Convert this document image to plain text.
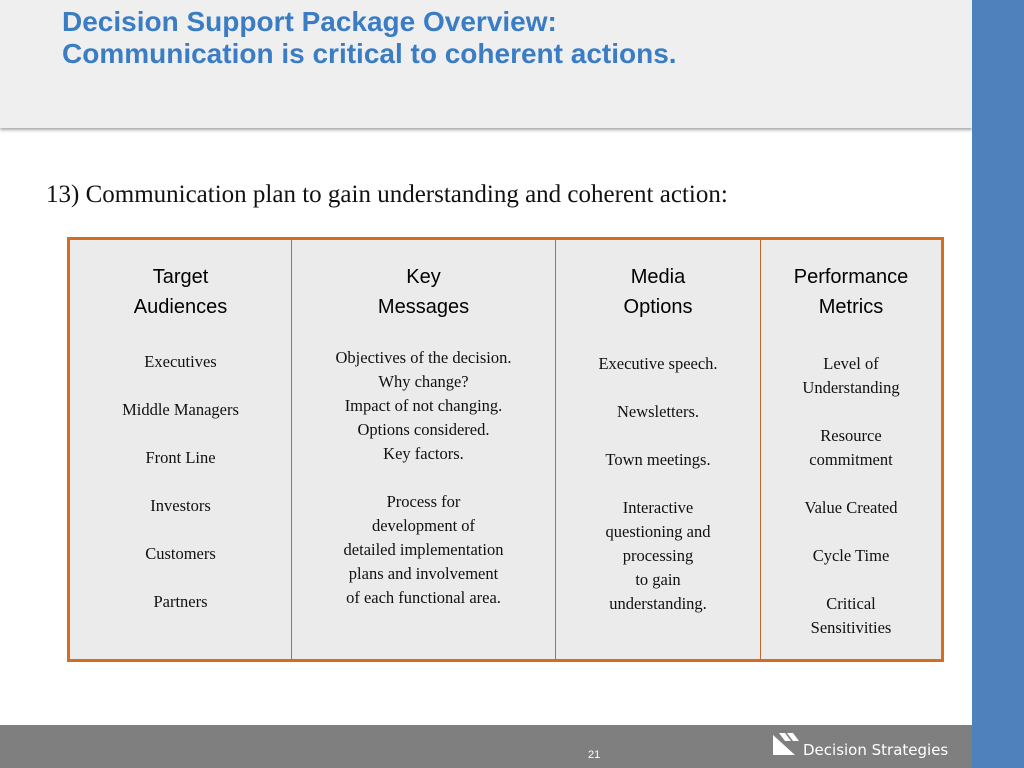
Decision Support Package Overview:
Communication is critical to coherent actions.
13) Communication plan to gain understanding and coherent action:
Target
Audiences
Executives
Middle Managers
Front Line
Investors
Customers
Partners
Key
Messages
Objectives of the decision.
Why change?
Impact of not changing.
Options considered.
Key factors.
Process for
development of
detailed implementation
plans and involvement
of each functional area.
Media
Options
Executive speech.
Newsletters.
Town meetings.
Interactive
questioning and
processing
to gain
understanding.
Performance
Metrics
Level of
Understanding
Resource
commitment
Value Created
Cycle Time
Critical
Sensitivities
21	Decision Strategies
